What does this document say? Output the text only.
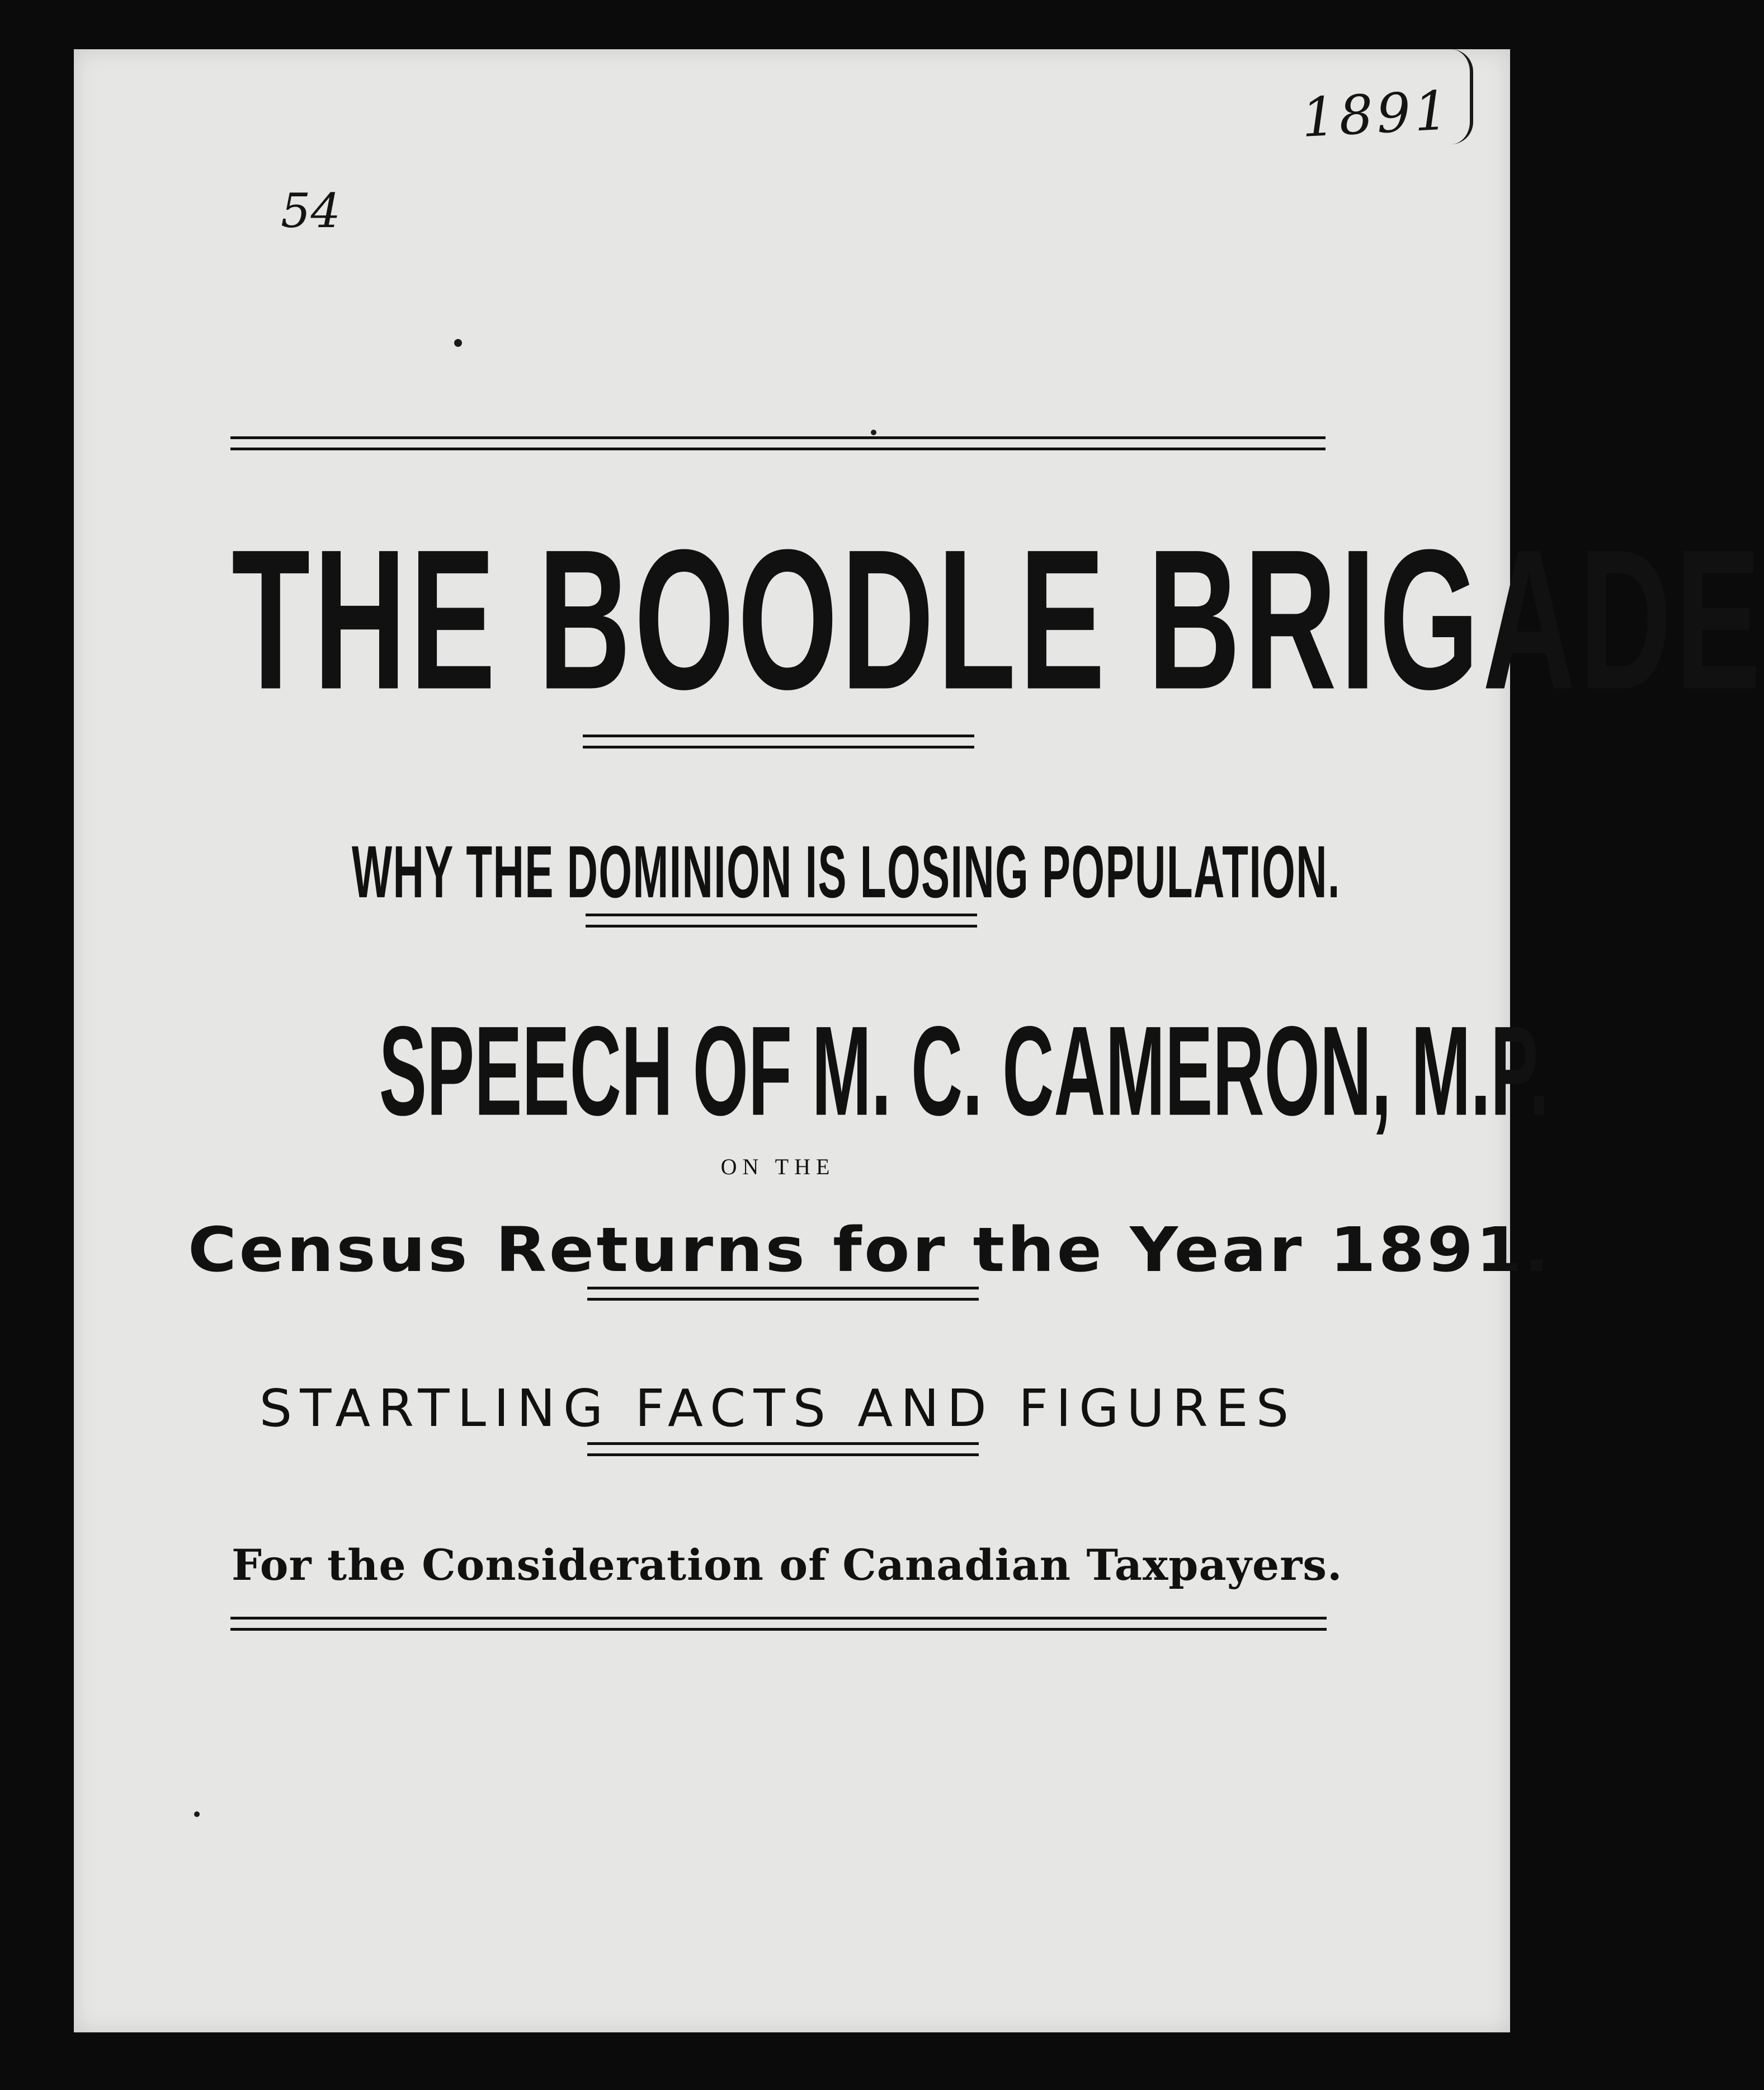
1891
54
THE BOODLE BRIGADE
WHY THE DOMINION IS LOSING POPULATION.
SPEECH OF M. C. CAMERON, M.P.
ON THE
Census Returns for the Year 1891.
STARTLING FACTS AND FIGURES
For the Consideration of Canadian Taxpayers.
